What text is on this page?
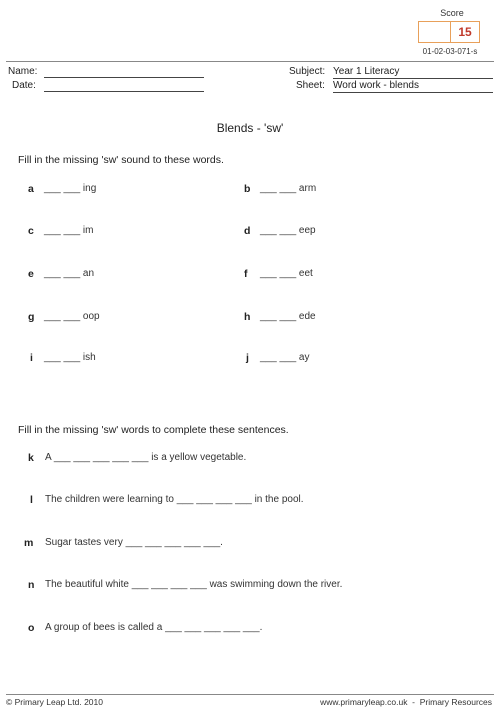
Score
15
01-02-03-071-s
Name:
Date:
Subject: Year 1 Literacy
Sheet: Word work - blends
Blends - 'sw'
Fill in the missing 'sw' sound to these words.
a	___ ___ ing	b ___ ___ arm
c	___ ___ im	d ___ ___ eep
e	___ ___ an	f	___ ___ eet
g ___ ___ oop	h ___ ___ ede
i	___ ___ ish	j	___ ___ ay
Fill in the missing 'sw' words to complete these sentences.
k A ___ ___ ___ ___ ___ is a yellow vegetable.
l The children were learning to ___ ___ ___ ___ in the pool.
m Sugar tastes very ___ ___ ___ ___ ___.
n The beautiful white ___ ___ ___ ___ was swimming down the river.
o A group of bees is called a ___ ___ ___ ___ ___.
© Primary Leap Ltd. 2010	www.primaryleap.co.uk  -  Primary Resources
